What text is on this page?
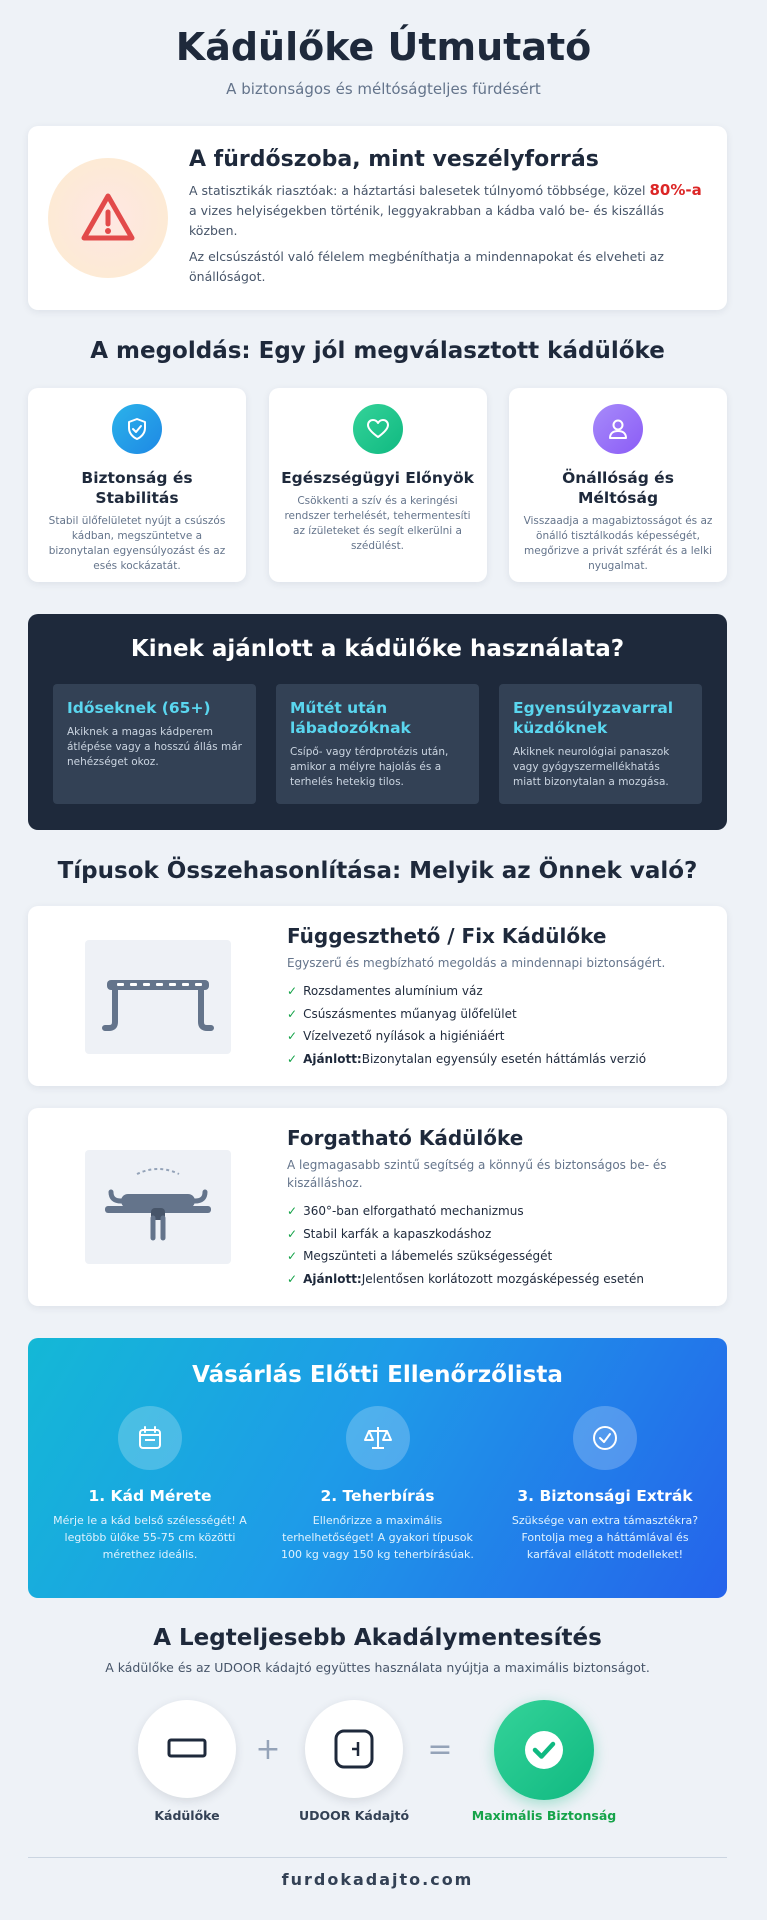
Kádülőke Útmutató
A biztonságos és méltóságteljes fürdésért
A fürdőszoba, mint veszélyforrás

A statisztikák riasztóak: a háztartási balesetek túlnyomó többsége, közel 80%-a a vizes helyiségekben történik, leggyakrabban a kádba való be- és kiszállás közben.

Az elcsúszástól való félelem megbéníthatja a mindennapokat és elveheti az önállóságot.

A megoldás: Egy jól megválasztott kádülőke
Biztonság és Stabilitás

Stabil ülőfelületet nyújt a csúszós kádban, megszüntetve a bizonytalan egyensúlyozást és az esés kockázatát.

Egészségügyi Előnyök

Csökkenti a szív és a keringési rendszer terhelését, tehermentesíti az ízületeket és segít elkerülni a szédülést.

Önállóság és Méltóság

Visszaadja a magabiztosságot és az önálló tisztálkodás képességét, megőrizve a privát szférát és a lelki nyugalmat.

Kinek ajánlott a kádülőke használata?
Időseknek (65+)

Akiknek a magas kádperem átlépése vagy a hosszú állás már nehézséget okoz.

Műtét után lábadozóknak

Csípő- vagy térdprotézis után, amikor a mélyre hajolás és a terhelés hetekig tilos.

Egyensúlyzavarral küzdőknek

Akiknek neurológiai panaszok vagy gyógyszermellékhatás miatt bizonytalan a mozgása.

Típusok Összehasonlítása: Melyik az Önnek való?
Függeszthető / Fix Kádülőke
Egyszerű és megbízható megoldás a mindennapi biztonságért.
✓ Rozsdamentes alumínium váz
✓ Csúszásmentes műanyag ülőfelület
✓ Vízelvezető nyílások a higiéniáért
✓ Ajánlott:Bizonytalan egyensúly esetén háttámlás verzió
Forgatható Kádülőke
A legmagasabb szintű segítség a könnyű és biztonságos be- és kiszálláshoz.
✓ 360°-ban elforgatható mechanizmus
✓ Stabil karfák a kapaszkodáshoz
✓ Megszünteti a lábemelés szükségességét
✓ Ajánlott:Jelentősen korlátozott mozgásképesség esetén
Vásárlás Előtti Ellenőrzőlista
1. Kád Mérete

Mérje le a kád belső szélességét! A legtöbb ülőke 55-75 cm közötti mérethez ideális.

2. Teherbírás

Ellenőrizze a maximális terhelhetőséget! A gyakori típusok 100 kg vagy 150 kg teherbírásúak.

3. Biztonsági Extrák

Szüksége van extra támasztékra? Fontolja meg a háttámlával és karfával ellátott modelleket!

A Legteljesebb Akadálymentesítés
A kádülőke és az UDOOR kádajtó együttes használata nyújtja a maximális biztonságot.
+	=
Kádülőke	UDOOR Kádajtó	Maximális Biztonság
furdokadajto.com
